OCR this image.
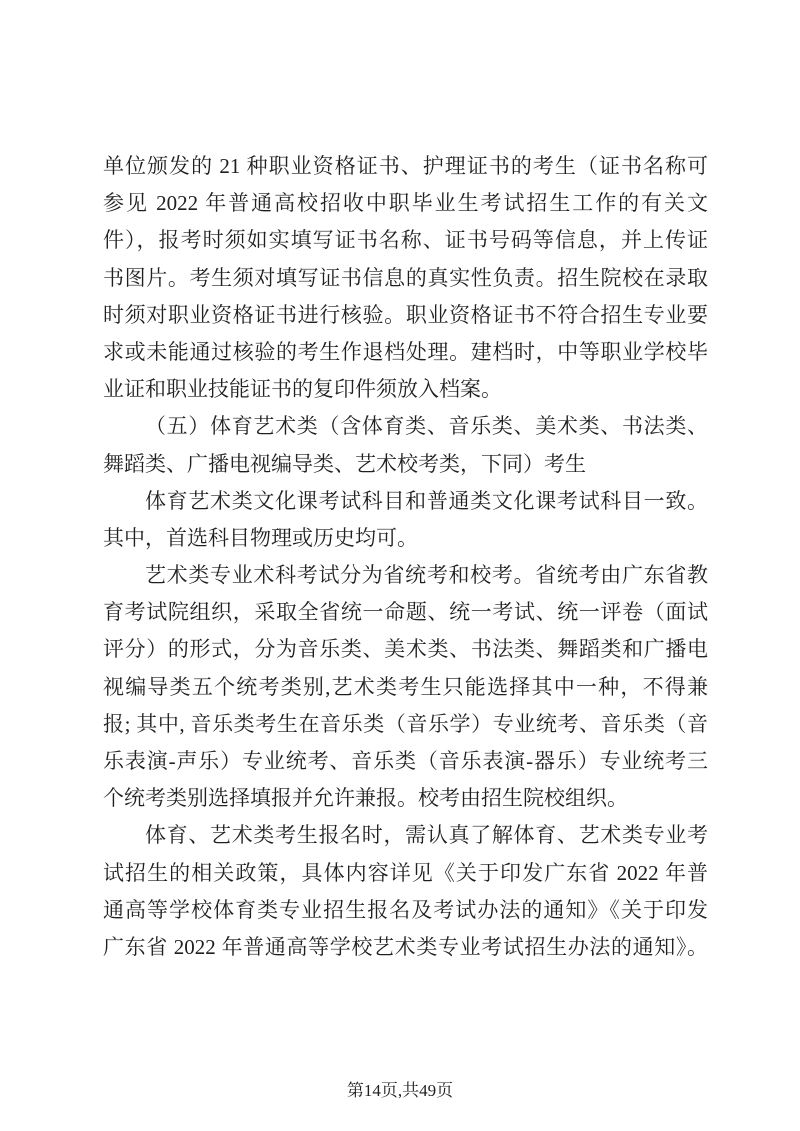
单位颁发的 21 种职业资格证书、护理证书的考生（证书名称可
参见 2022 年普通高校招收中职毕业生考试招生工作的有关文
件），报考时须如实填写证书名称、证书号码等信息，并上传证
书图片。考生须对填写证书信息的真实性负责。招生院校在录取
时须对职业资格证书进行核验。职业资格证书不符合招生专业要
求或未能通过核验的考生作退档处理。建档时，中等职业学校毕
业证和职业技能证书的复印件须放入档案。
（五）体育艺术类（含体育类、音乐类、美术类、书法类、
舞蹈类、广播电视编导类、艺术校考类，下同）考生
体育艺术类文化课考试科目和普通类文化课考试科目一致。
其中，首选科目物理或历史均可。
艺术类专业术科考试分为省统考和校考。省统考由广东省教
育考试院组织，采取全省统一命题、统一考试、统一评卷（面试
评分）的形式，分为音乐类、美术类、书法类、舞蹈类和广播电
视编导类五个统考类别,艺术类考生只能选择其中一种，不得兼
报; 其中, 音乐类考生在音乐类（音乐学）专业统考、音乐类（音
乐表演-声乐）专业统考、音乐类（音乐表演-器乐）专业统考三
个统考类别选择填报并允许兼报。校考由招生院校组织。
体育、艺术类考生报名时，需认真了解体育、艺术类专业考
试招生的相关政策，具体内容详见《关于印发广东省 2022 年普
通高等学校体育类专业招生报名及考试办法的通知》《关于印发
广东省 2022 年普通高等学校艺术类专业考试招生办法的通知》。
第14页,共49页
